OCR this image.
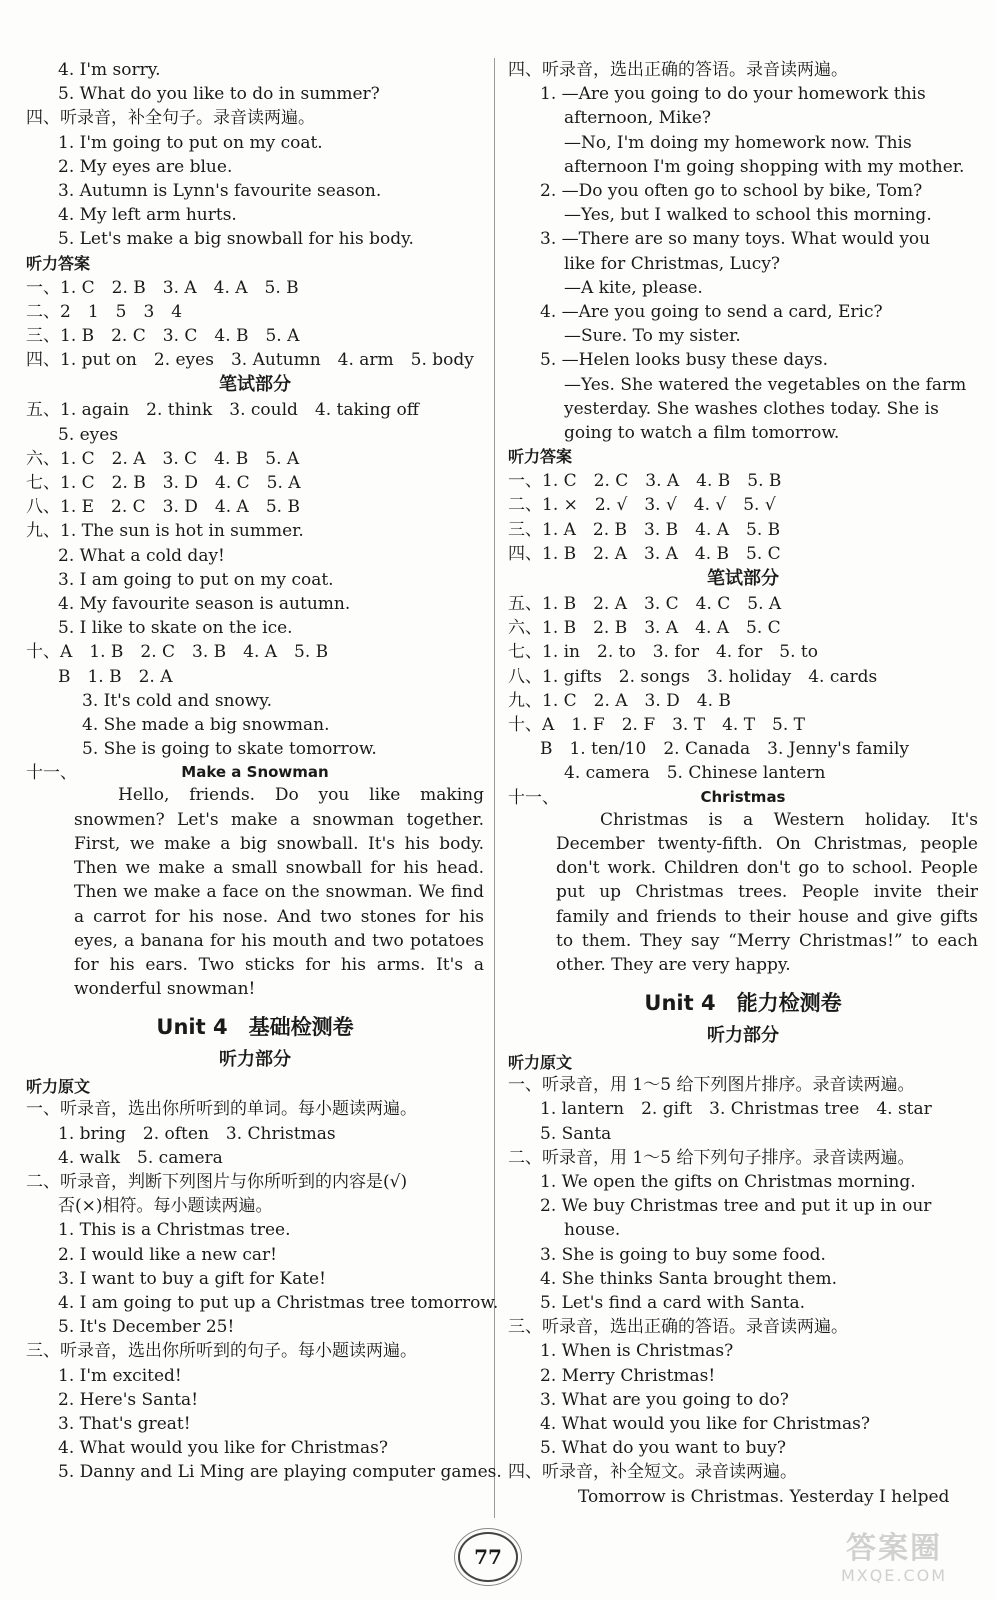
4. I'm sorry.
5. What do you like to do in summer?
四、听录音，补全句子。录音读两遍。
1. I'm going to put on my coat.
2. My eyes are blue.
3. Autumn is Lynn's favourite season.
4. My left arm hurts.
5. Let's make a big snowball for his body.
听力答案
一、1. C　2. B　3. A　4. A　5. B
二、2　1　5　3　4
三、1. B　2. C　3. C　4. B　5. A
四、1. put on　2. eyes　3. Autumn　4. arm　5. body
笔试部分
五、1. again　2. think　3. could　4. taking off
5. eyes
六、1. C　2. A　3. C　4. B　5. A
七、1. C　2. B　3. D　4. C　5. A
八、1. E　2. C　3. D　4. A　5. B
九、1. The sun is hot in summer.
2. What a cold day!
3. I am going to put on my coat.
4. My favourite season is autumn.
5. I like to skate on the ice.
十、A　1. B　2. C　3. B　4. A　5. B
B　1. B　2. A
3. It's cold and snowy.
4. She made a big snowman.
5. She is going to skate tomorrow.
十一、	Make a Snowman
Hello, friends. Do you like making snowmen? Let's make a snowman together. First, we make a big snowball. It's his body. Then we make a small snowball for his head. Then we make a face on the snowman. We find a carrot for his nose. And two stones for his eyes, a banana for his mouth and two potatoes for his ears. Two sticks for his arms. It's a wonderful snowman!
Unit 4　基础检测卷
听力部分
听力原文
一、听录音，选出你所听到的单词。每小题读两遍。
1. bring　2. often　3. Christmas
4. walk　5. camera
二、听录音，判断下列图片与你所听到的内容是(√)
否(×)相符。每小题读两遍。
1. This is a Christmas tree.
2. I would like a new car!
3. I want to buy a gift for Kate!
4. I am going to put up a Christmas tree tomorrow.
5. It's December 25!
三、听录音，选出你所听到的句子。每小题读两遍。
1. I'm excited!
2. Here's Santa!
3. That's great!
4. What would you like for Christmas?
5. Danny and Li Ming are playing computer games.
四、听录音，选出正确的答语。录音读两遍。
1. —Are you going to do your homework this
afternoon, Mike?
—No, I'm doing my homework now. This
afternoon I'm going shopping with my mother.
2. —Do you often go to school by bike, Tom?
—Yes, but I walked to school this morning.
3. —There are so many toys. What would you
like for Christmas, Lucy?
—A kite, please.
4. —Are you going to send a card, Eric?
—Sure. To my sister.
5. —Helen looks busy these days.
—Yes. She watered the vegetables on the farm
yesterday. She washes clothes today. She is
going to watch a film tomorrow.
听力答案
一、1. C　2. C　3. A　4. B　5. B
二、1. ×　2. √　3. √　4. √　5. √
三、1. A　2. B　3. B　4. A　5. B
四、1. B　2. A　3. A　4. B　5. C
笔试部分
五、1. B　2. A　3. C　4. C　5. A
六、1. B　2. B　3. A　4. A　5. C
七、1. in　2. to　3. for　4. for　5. to
八、1. gifts　2. songs　3. holiday　4. cards
九、1. C　2. A　3. D　4. B
十、A　1. F　2. F　3. T　4. T　5. T
B　1. ten/10　2. Canada　3. Jenny's family
4. camera　5. Chinese lantern
十一、	Christmas
Christmas is a Western holiday. It's December twenty-fifth. On Christmas, people don't work. Children don't go to school. People put up Christmas trees. People invite their family and friends to their house and give gifts to them. They say “Merry Christmas!” to each other. They are very happy.
Unit 4　能力检测卷
听力部分
听力原文
一、听录音，用 1～5 给下列图片排序。录音读两遍。
1. lantern　2. gift　3. Christmas tree　4. star
5. Santa
二、听录音，用 1～5 给下列句子排序。录音读两遍。
1. We open the gifts on Christmas morning.
2. We buy Christmas tree and put it up in our
house.
3. She is going to buy some food.
4. She thinks Santa brought them.
5. Let's find a card with Santa.
三、听录音，选出正确的答语。录音读两遍。
1. When is Christmas?
2. Merry Christmas!
3. What are you going to do?
4. What would you like for Christmas?
5. What do you want to buy?
四、听录音，补全短文。录音读两遍。
Tomorrow is Christmas. Yesterday I helped
77	答案圈
MXQE.COM
